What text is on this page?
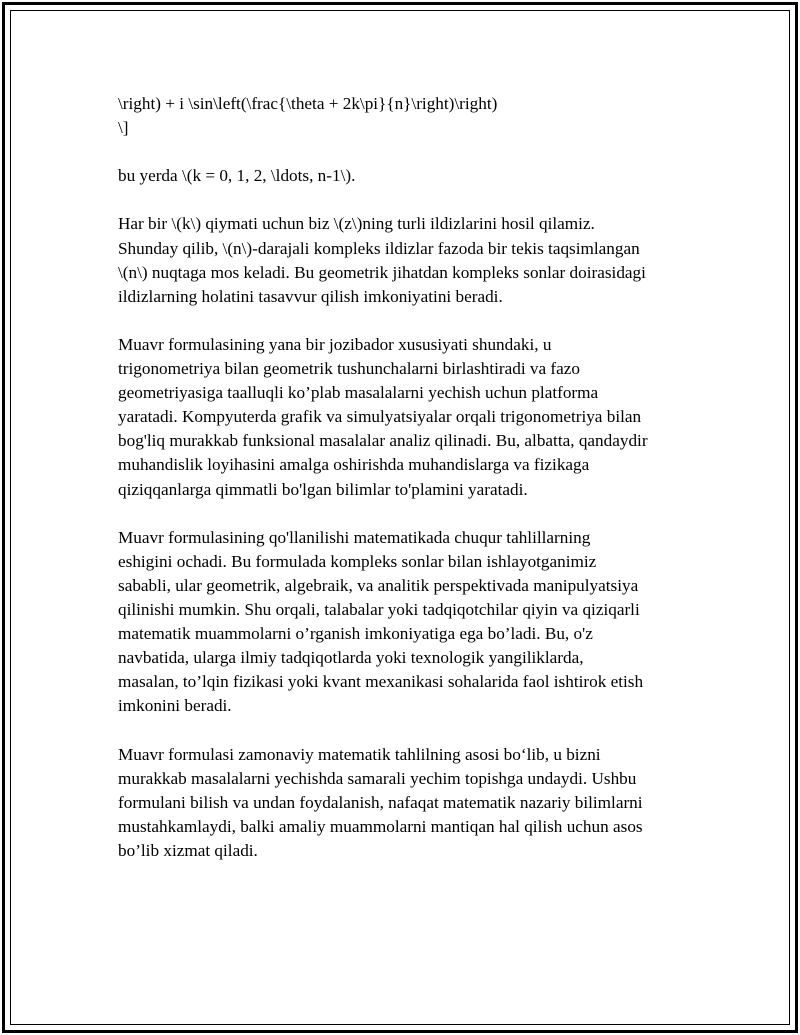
\right) + i \sin\left(\frac{\theta + 2k\pi}{n}\right)\right)
\]

bu yerda \(k = 0, 1, 2, \ldots, n-1\).

Har bir \(k\) qiymati uchun biz \(z\)ning turli ildizlarini hosil qilamiz.
Shunday qilib, \(n\)-darajali kompleks ildizlar fazoda bir tekis taqsimlangan
\(n\) nuqtaga mos keladi. Bu geometrik jihatdan kompleks sonlar doirasidagi
ildizlarning holatini tasavvur qilish imkoniyatini beradi.

Muavr formulasining yana bir jozibador xususiyati shundaki, u
trigonometriya bilan geometrik tushunchalarni birlashtiradi va fazo
geometriyasiga taalluqli ko’plab masalalarni yechish uchun platforma
yaratadi. Kompyuterda grafik va simulyatsiyalar orqali trigonometriya bilan
bog'liq murakkab funksional masalalar analiz qilinadi. Bu, albatta, qandaydir
muhandislik loyihasini amalga oshirishda muhandislarga va fizikaga
qiziqqanlarga qimmatli bo'lgan bilimlar to'plamini yaratadi.

Muavr formulasining qo'llanilishi matematikada chuqur tahlillarning
eshigini ochadi. Bu formulada kompleks sonlar bilan ishlayotganimiz
sababli, ular geometrik, algebraik, va analitik perspektivada manipulyatsiya
qilinishi mumkin. Shu orqali, talabalar yoki tadqiqotchilar qiyin va qiziqarli
matematik muammolarni o’rganish imkoniyatiga ega bo’ladi. Bu, o'z
navbatida, ularga ilmiy tadqiqotlarda yoki texnologik yangiliklarda,
masalan, to’lqin fizikasi yoki kvant mexanikasi sohalarida faol ishtirok etish
imkonini beradi.

Muavr formulasi zamonaviy matematik tahlilning asosi bo‘lib, u bizni
murakkab masalalarni yechishda samarali yechim topishga undaydi. Ushbu
formulani bilish va undan foydalanish, nafaqat matematik nazariy bilimlarni
mustahkamlaydi, balki amaliy muammolarni mantiqan hal qilish uchun asos
bo’lib xizmat qiladi.
